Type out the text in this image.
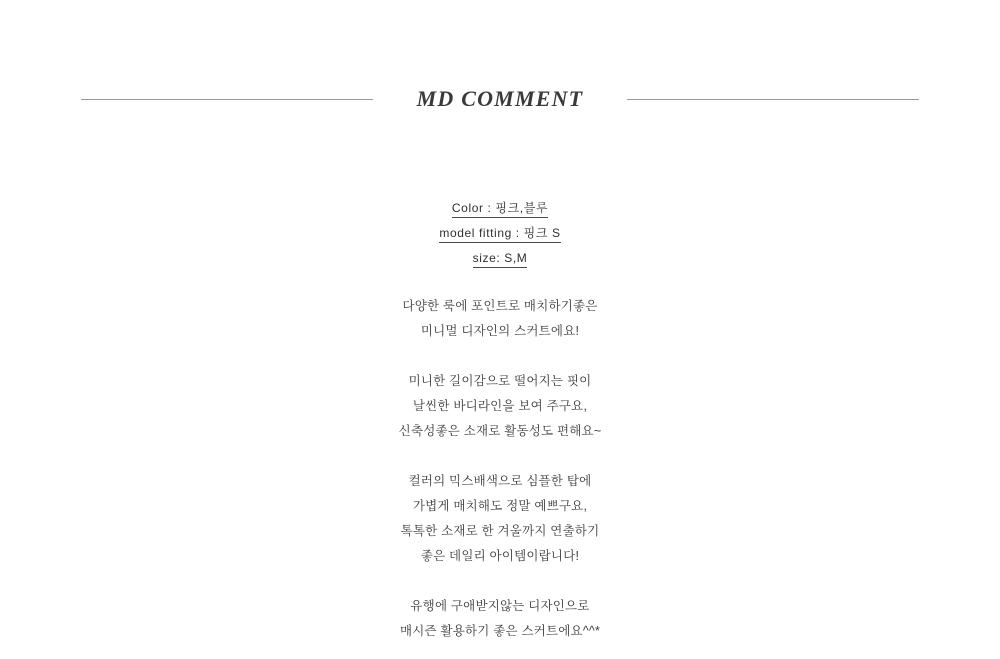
MD COMMENT
Color : 핑크,블루
model fitting : 핑크 S
size: S,M
다양한 룩에 포인트로 매치하기좋은
미니멀 디자인의 스커트에요!
미니한 길이감으로 떨어지는 핏이
날씬한 바디라인을 보여 주구요,
신축성좋은 소재로 활동성도 편해요~
컬러의 믹스배색으로 심플한 탑에
가볍게 매치해도 정말 예쁘구요,
톡톡한 소재로 한 겨울까지 연출하기
좋은 데일리 아이템이랍니다!
유행에 구애받지않는 디자인으로
매시즌 활용하기 좋은 스커트에요^^*
